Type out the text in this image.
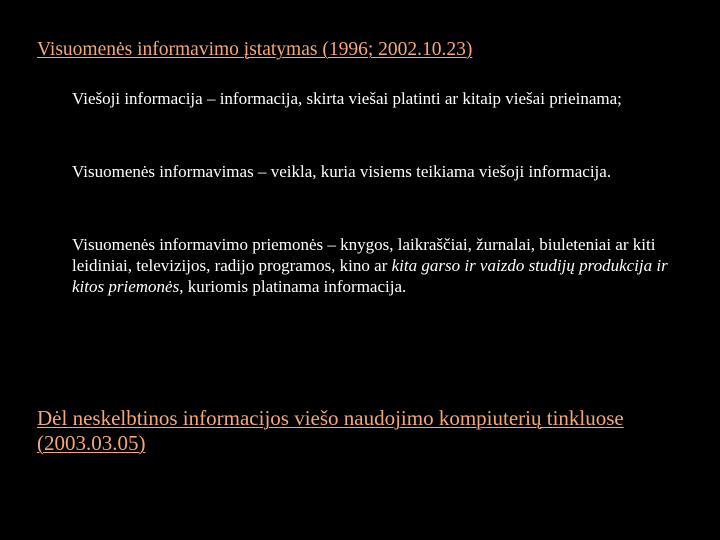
Visuomenės informavimo įstatymas (1996; 2002.10.23)

Viešoji informacija – informacija, skirta viešai platinti ar kitaip viešai prieinama;
Visuomenės informavimas – veikla, kuria visiems teikiama viešoji informacija.
Visuomenės informavimo priemonės – knygos, laikraščiai, žurnalai, biuleteniai ar kiti leidiniai, televizijos, radijo programos, kino ar kita garso ir vaizdo studijų produkcija ir kitos priemonės, kuriomis platinama informacija.

Dėl neskelbtinos informacijos viešo naudojimo kompiuterių tinkluose (2003.03.05)
